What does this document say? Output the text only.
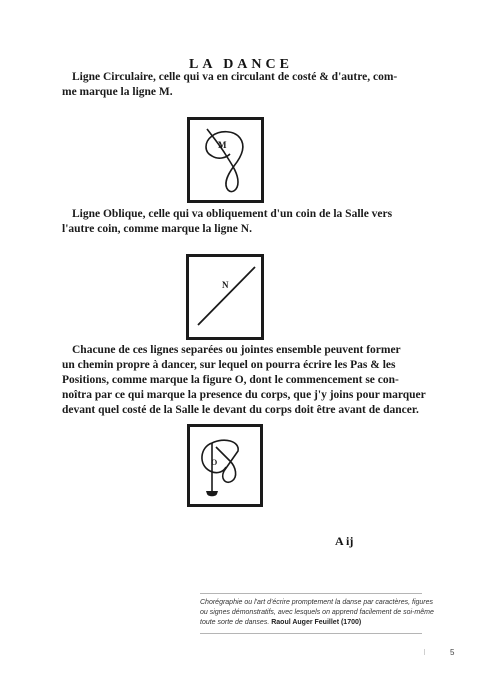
LA DANCE
Ligne Circulaire, celle qui va en circulant de costé & d'autre, com-
me marque la ligne M.
M
Ligne Oblique, celle qui va obliquement d'un coin de la Salle vers
l'autre coin, comme marque la ligne N.
N
Chacune de ces lignes separées ou jointes ensemble peuvent former
un chemin propre à dancer, sur lequel on pourra écrire les Pas & les
Positions, comme marque la figure O, dont le commencement se con-
noîtra par ce qui marque la presence du corps, que j'y joins pour marquer
devant quel costé de la Salle le devant du corps doit être avant de dancer.
O
A ij

Chorégraphie ou l'art d'écrire promptement la danse par caractères, figures
ou signes démonstratifs, avec lesquels on apprend facilement de soi-même
toute sorte de danses. Raoul Auger Feuillet (1700)

5
